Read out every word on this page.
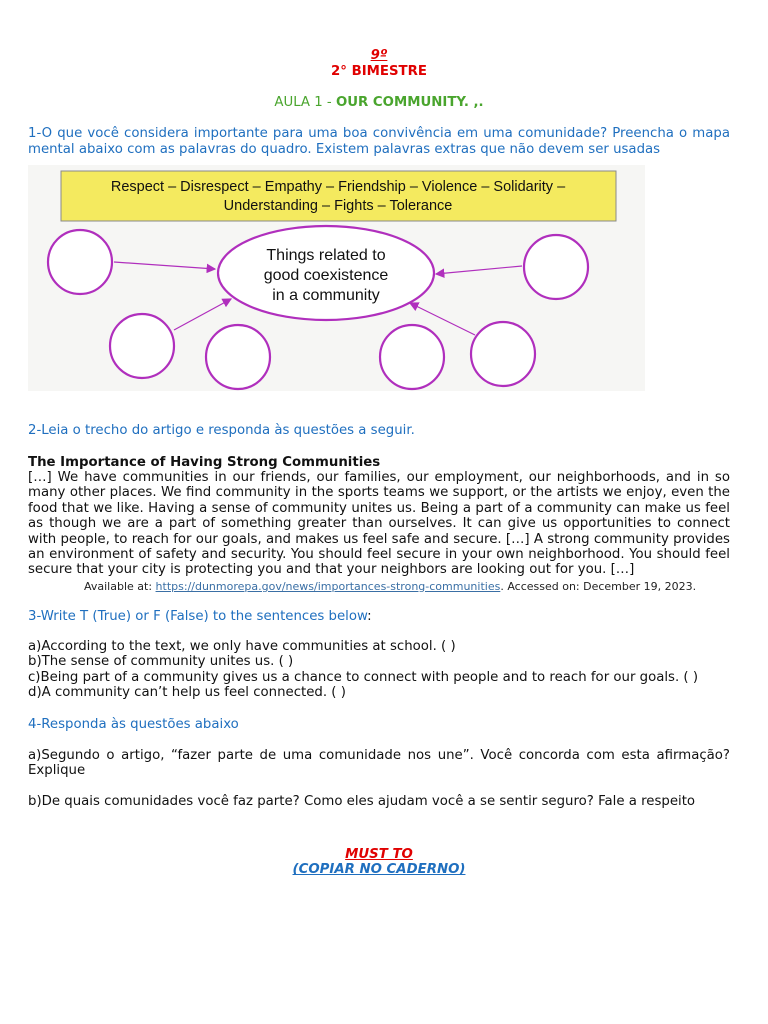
9º
2° BIMESTRE
AULA 1 - OUR COMMUNITY. ,.
1-O que você considera importante para uma boa convivência em uma comunidade? Preencha o mapa mental abaixo com as palavras do quadro. Existem palavras extras que não devem ser usadas
Respect – Disrespect – Empathy – Friendship – Violence – Solidarity –
Understanding – Fights – Tolerance
Things related to
good coexistence
in a community
2-Leia o trecho do artigo e responda às questões a seguir.
The Importance of Having Strong Communities
[…] We have communities in our friends, our families, our employment, our neighborhoods, and in so many other places. We find community in the sports teams we support, or the artists we enjoy, even the food that we like. Having a sense of community unites us. Being a part of a community can make us feel as though we are a part of something greater than ourselves. It can give us opportunities to connect with people, to reach for our goals, and makes us feel safe and secure. […] A strong community provides an environment of safety and security. You should feel secure in your own neighborhood. You should feel secure that your city is protecting you and that your neighbors are looking out for you. […]
Available at: https://dunmorepa.gov/news/importances-strong-communities. Accessed on: December 19, 2023.
3-Write T (True) or F (False) to the sentences below:
a)According to the text, we only have communities at school. ( )
b)The sense of community unites us. ( )
c)Being part of a community gives us a chance to connect with people and to reach for our goals. ( )
d)A community can’t help us feel connected. ( )
4-Responda às questões abaixo
a)Segundo o artigo, “fazer parte de uma comunidade nos une”. Você concorda com esta afirmação? Explique
b)De quais comunidades você faz parte? Como eles ajudam você a se sentir seguro? Fale a respeito
MUST TO
(COPIAR NO CADERNO)
